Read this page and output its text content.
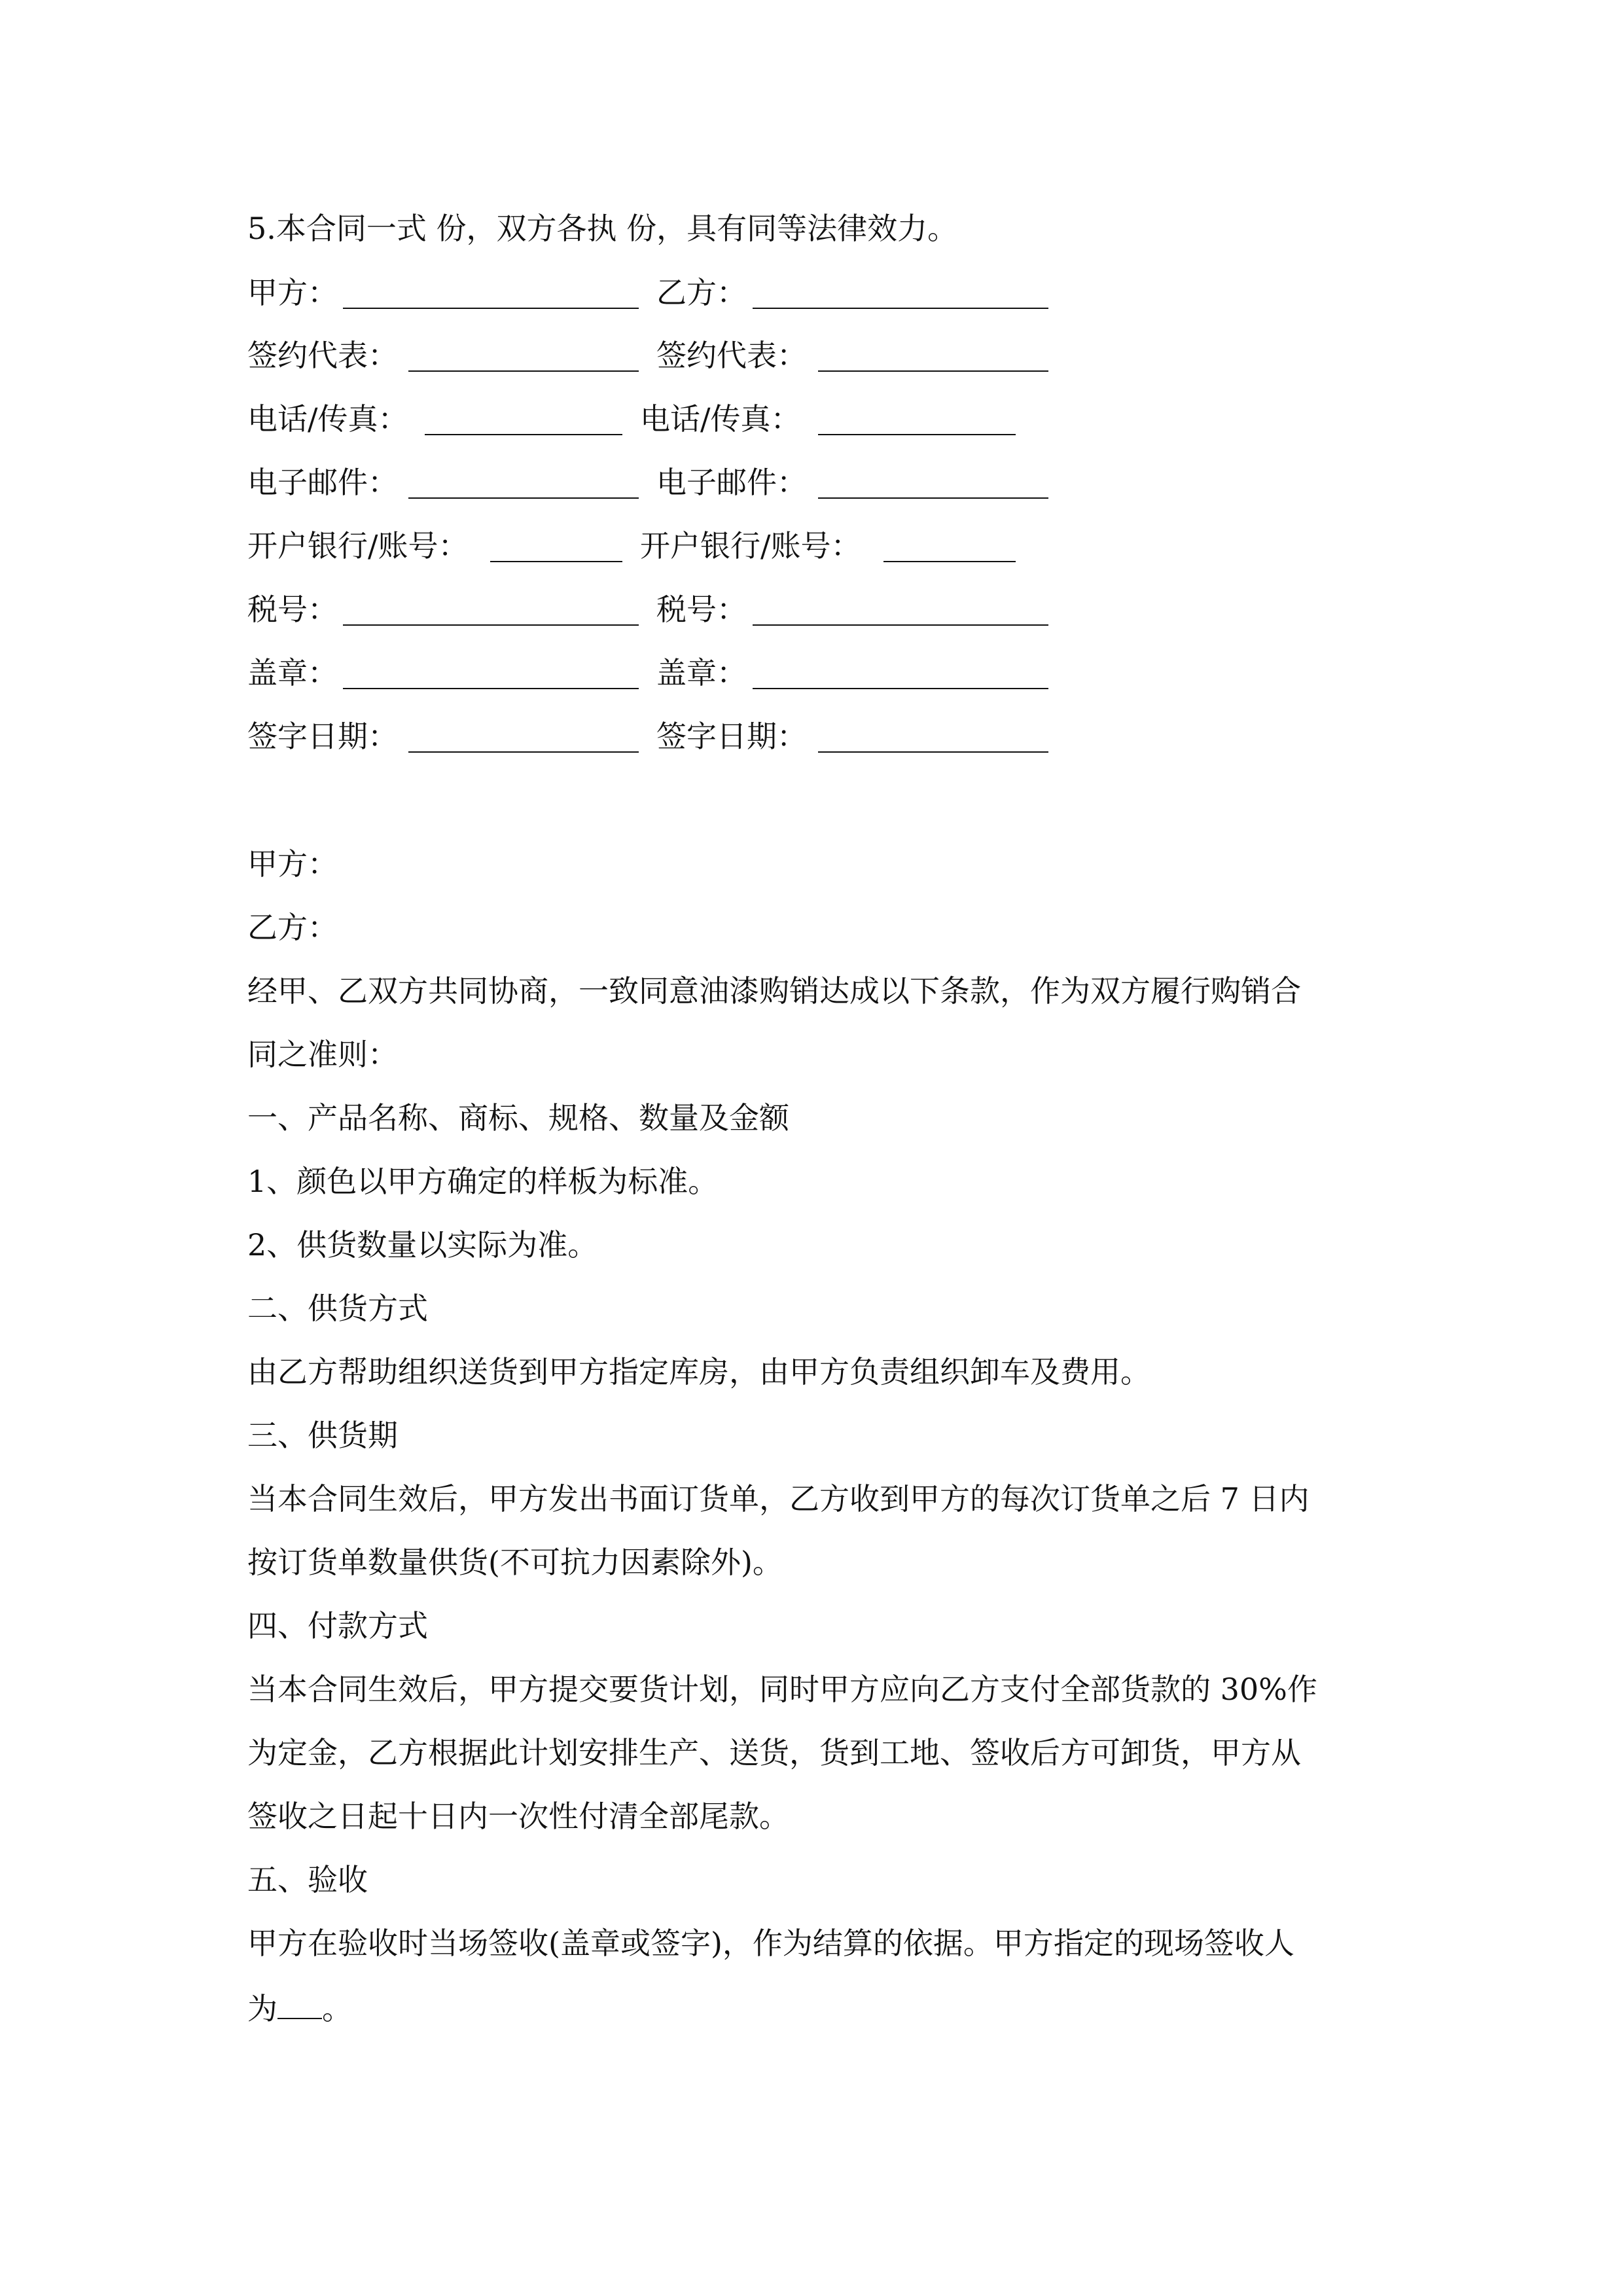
5.本合同一式 份，双方各执 份，具有同等法律效力。

甲方：	乙方：
签约代表：	签约代表：
电话/传真：	电话/传真：
电子邮件：	电子邮件：
开户银行/账号：	开户银行/账号：
税号：	税号：
盖章：	盖章：
签字日期：	签字日期：

甲方：

乙方：

经甲、乙双方共同协商，一致同意油漆购销达成以下条款，作为双方履行购销合

同之准则：

一、产品名称、商标、规格、数量及金额

1、颜色以甲方确定的样板为标准。

2、供货数量以实际为准。

二、供货方式

由乙方帮助组织送货到甲方指定库房，由甲方负责组织卸车及费用。

三、供货期

当本合同生效后，甲方发出书面订货单，乙方收到甲方的每次订货单之后 7 日内

按订货单数量供货(不可抗力因素除外)。

四、付款方式

当本合同生效后，甲方提交要货计划，同时甲方应向乙方支付全部货款的 30%作

为定金，乙方根据此计划安排生产、送货，货到工地、签收后方可卸货，甲方从

签收之日起十日内一次性付清全部尾款。

五、验收

甲方在验收时当场签收(盖章或签字)，作为结算的依据。甲方指定的现场签收人

为 。
